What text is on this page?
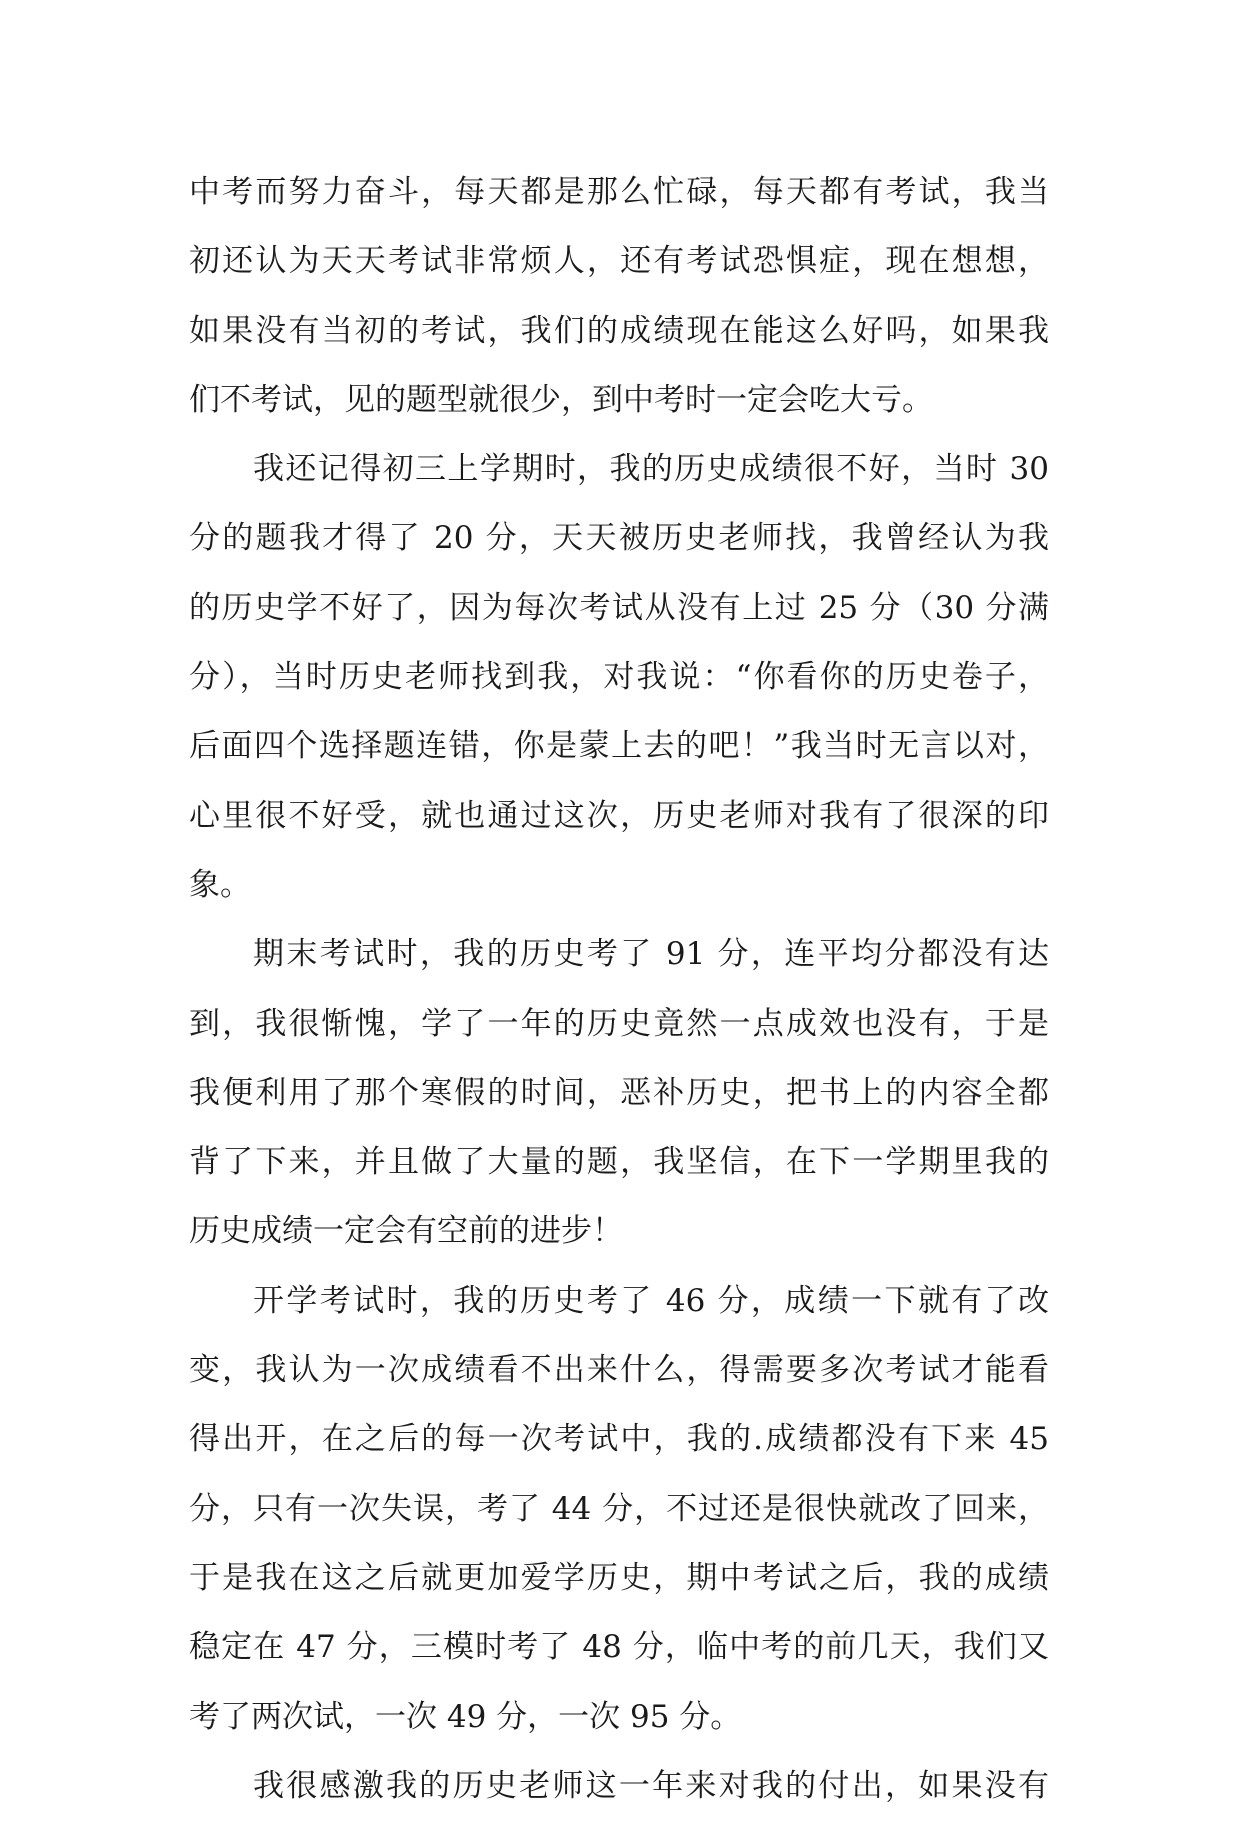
中考而努力奋斗，每天都是那么忙碌，每天都有考试，我当
初还认为天天考试非常烦人，还有考试恐惧症，现在想想，
如果没有当初的考试，我们的成绩现在能这么好吗，如果我
们不考试，见的题型就很少，到中考时一定会吃大亏。
我还记得初三上学期时，我的历史成绩很不好，当时 30
分的题我才得了 20 分，天天被历史老师找，我曾经认为我
的历史学不好了，因为每次考试从没有上过 25 分（30 分满
分），当时历史老师找到我，对我说：“你看你的历史卷子，
后面四个选择题连错，你是蒙上去的吧！”我当时无言以对，
心里很不好受，就也通过这次，历史老师对我有了很深的印
象。
期末考试时，我的历史考了 91 分，连平均分都没有达
到，我很惭愧，学了一年的历史竟然一点成效也没有，于是
我便利用了那个寒假的时间，恶补历史，把书上的内容全都
背了下来，并且做了大量的题，我坚信，在下一学期里我的
历史成绩一定会有空前的进步！
开学考试时，我的历史考了 46 分，成绩一下就有了改
变，我认为一次成绩看不出来什么，得需要多次考试才能看
得出开，在之后的每一次考试中，我的.成绩都没有下来 45
分，只有一次失误，考了 44 分，不过还是很快就改了回来，
于是我在这之后就更加爱学历史，期中考试之后，我的成绩
稳定在 47 分，三模时考了 48 分，临中考的前几天，我们又
考了两次试，一次 49 分，一次 95 分。
我很感激我的历史老师这一年来对我的付出，如果没有
